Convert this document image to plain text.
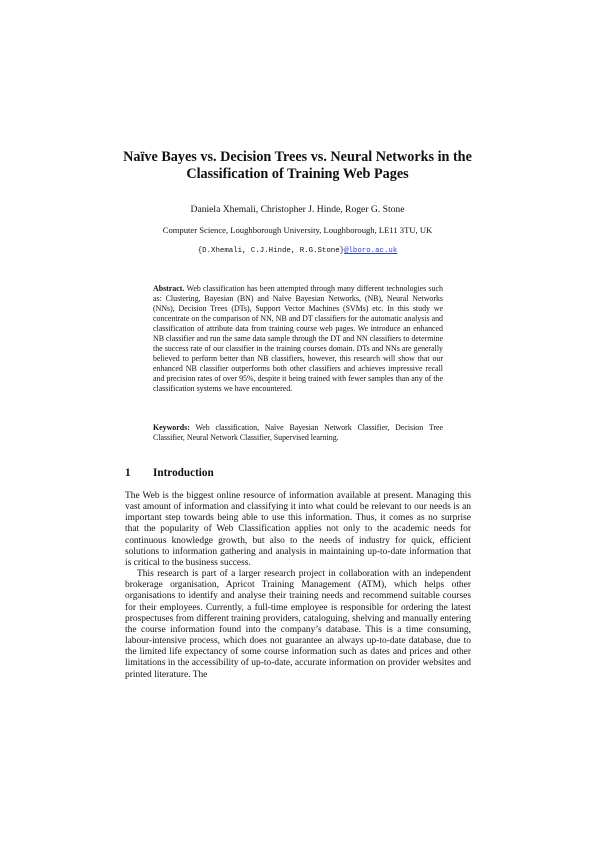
Naïve Bayes vs. Decision Trees vs. Neural Networks in the
Classification of Training Web Pages
Daniela Xhemali, Christopher J. Hinde, Roger G. Stone
Computer Science, Loughborough University, Loughborough, LE11 3TU, UK
{D.Xhemali, C.J.Hinde, R.G.Stone}@lboro.ac.uk
Abstract. Web classification has been attempted through many different technologies such as: Clustering, Bayesian (BN) and Naïve Bayesian Networks, (NB), Neural Networks (NNs), Decision Trees (DTs), Support Vector Machines (SVMs) etc. In this study we concentrate on the comparison of NN, NB and DT classifiers for the automatic analysis and classification of attribute data from training course web pages. We introduce an enhanced NB classifier and run the same data sample through the DT and NN classifiers to determine the success rate of our classifier in the training courses domain. DTs and NNs are generally believed to perform better than NB classifiers, however, this research will show that our enhanced NB classifier outperforms both other classifiers and achieves impressive recall and precision rates of over 95%, despite it being trained with fewer samples than any of the classification systems we have encountered.
Keywords: Web classification, Naïve Bayesian Network Classifier, Decision Tree Classifier, Neural Network Classifier, Supervised learning.
1 Introduction

The Web is the biggest online resource of information available at present. Managing this vast amount of information and classifying it into what could be relevant to our needs is an important step towards being able to use this information. Thus, it comes as no surprise that the popularity of Web Classification applies not only to the academic needs for continuous knowledge growth, but also to the needs of industry for quick, efficient solutions to information gathering and analysis in maintaining up-to-date information that is critical to the business success.

This research is part of a larger research project in collaboration with an independent brokerage organisation, Apricot Training Management (ATM), which helps other organisations to identify and analyse their training needs and recommend suitable courses for their employees. Currently, a full-time employee is responsible for ordering the latest prospectuses from different training providers, cataloguing, shelving and manually entering the course information found into the company’s database. This is a time consuming, labour-intensive process, which does not guarantee an always up-to-date database, due to the limited life expectancy of some course information such as dates and prices and other limitations in the accessibility of up-to-date, accurate information on provider websites and printed literature. The
